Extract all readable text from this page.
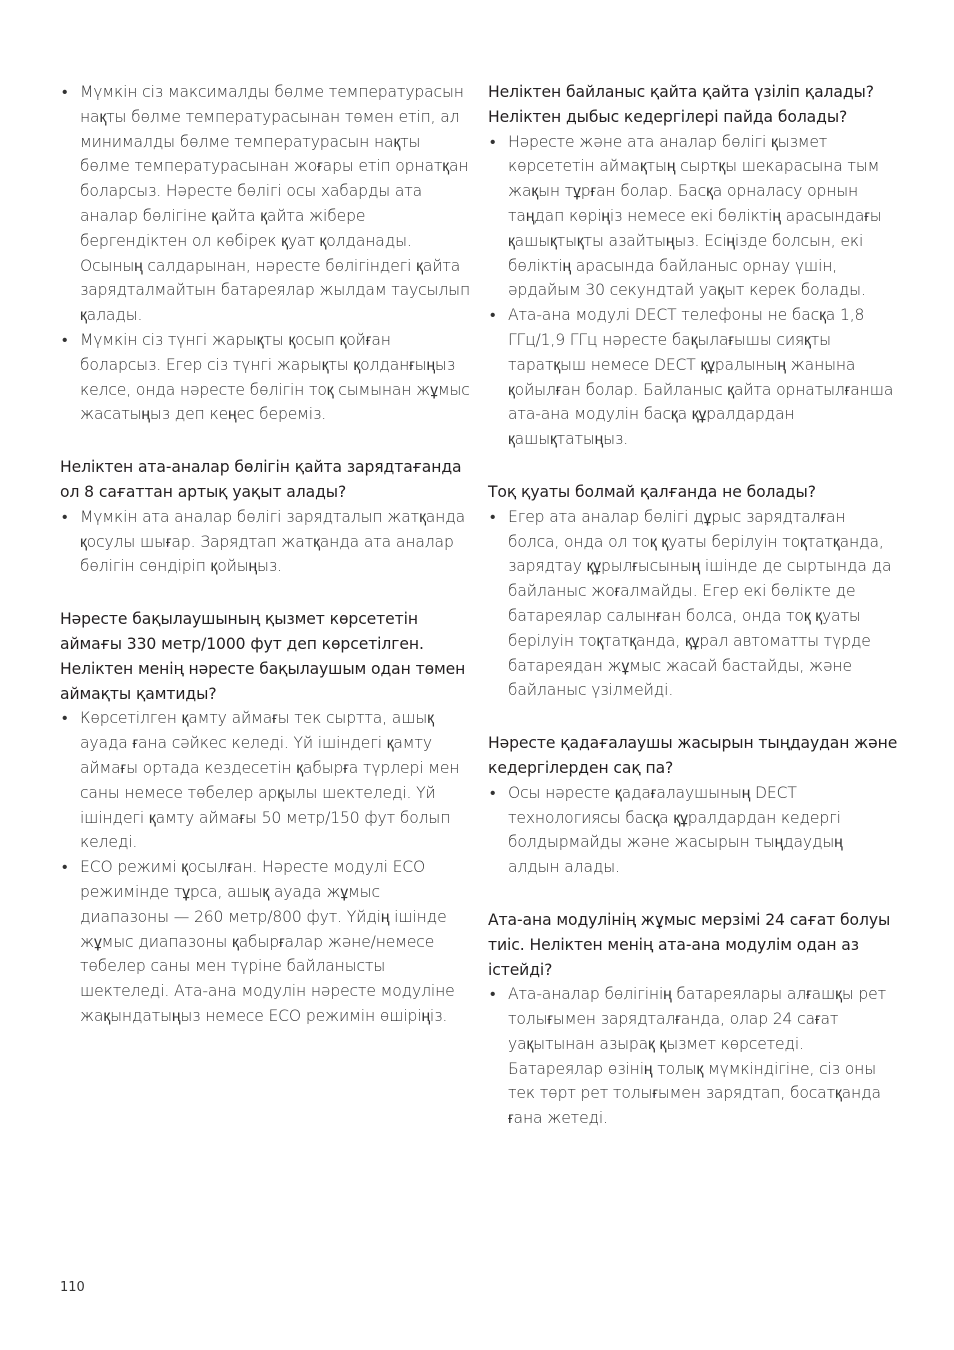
• Мүмкін сіз максималды бөлме температурасын нақты бөлме температурасынан төмен етіп, ал минималды бөлме температурасын нақты бөлме температурасынан жоғары етіп орнатқан боларсыз. Нәресте бөлігі осы хабарды ата аналар бөлігіне қайта қайта жібере бергендіктен ол көбірек қуат қолданады. Осының салдарынан, нәресте бөлігіндегі қайта зарядталмайтын батареялар жылдам таусылып қалады.
• Мүмкін сіз түнгі жарықты қосып қойған боларсыз. Егер сіз түнгі жарықты қолданғыңыз келсе, онда нәресте бөлігін тоқ сымынан жұмыс жасатыңыз деп кеңес береміз.
Неліктен ата-аналар бөлігін қайта зарядтағанда ол 8 сағаттан артық уақыт алады?
• Мүмкін ата аналар бөлігі зарядталып жатқанда қосулы шығар. Зарядтап жатқанда ата аналар бөлігін сөндіріп қойыңыз.
Нәресте бақылаушының қызмет көрсететін аймағы 330 метр/1000 фут деп көрсетілген. Неліктен менің нәресте бақылаушым одан төмен аймақты қамтиды?
• Көрсетілген қамту аймағы тек сыртта, ашық ауада ғана сәйкес келеді. Үй ішіндегі қамту аймағы ортада кездесетін қабырға түрлері мен саны немесе төбелер арқылы шектеледі. Үй ішіндегі қамту аймағы 50 метр/150 фут болып келеді.
• ECO режимі қосылған. Нәресте модулі ECO режимінде тұрса, ашық ауада жұмыс диапазоны — 260 метр/800 фут. Үйдің ішінде жұмыс диапазоны қабырғалар және/немесе төбелер саны мен түріне байланысты шектеледі. Ата-ана модулін нәресте модуліне жақындатыңыз немесе ECO режимін өшіріңіз.
Неліктен байланыс қайта қайта үзіліп қалады? Неліктен дыбыс кедергілері пайда болады?
• Нәресте және ата аналар бөлігі қызмет көрсететін аймақтың сыртқы шекарасына тым жақын тұрған болар. Басқа орналасу орнын таңдап көріңіз немесе екі бөліктің арасындағы қашықтықты азайтыңыз. Есіңізде болсын, екі бөліктің арасында байланыс орнау үшін, әрдайым 30 секундтай уақыт керек болады.
• Ата-ана модулі DECT телефоны не басқа 1,8 ГГц/1,9 ГГц нәресте бақылағышы сияқты таратқыш немесе DECT құралының жанына қойылған болар. Байланыс қайта орнатылғанша ата-ана модулін басқа құралдардан қашықтатыңыз.
Тоқ қуаты болмай қалғанда не болады?
• Егер ата аналар бөлігі дұрыс зарядталған болса, онда ол тоқ қуаты берілуін тоқтатқанда, зарядтау құрылғысының ішінде де сыртында да байланыс жоғалмайды. Егер екі бөлікте де батареялар салынған болса, онда тоқ қуаты берілуін тоқтатқанда, құрал автоматты түрде батареядан жұмыс жасай бастайды, және байланыс үзілмейді.
Нәресте қадағалаушы жасырын тыңдаудан және кедергілерден сақ па?
• Осы нәресте қадағалаушының DECT технологиясы басқа құралдардан кедергі болдырмайды және жасырын тыңдаудың алдын алады.
Ата-ана модулінің жұмыс мерзімі 24 сағат болуы тиіс. Неліктен менің ата-ана модулім одан аз істейді?
• Ата-аналар бөлігінің батареялары алғашқы рет толығымен зарядталғанда, олар 24 сағат уақытынан азырақ қызмет көрсетеді. Батареялар өзінің толық мүмкіндігіне, сіз оны тек төрт рет толығымен зарядтап, босатқанда ғана жетеді.
110
